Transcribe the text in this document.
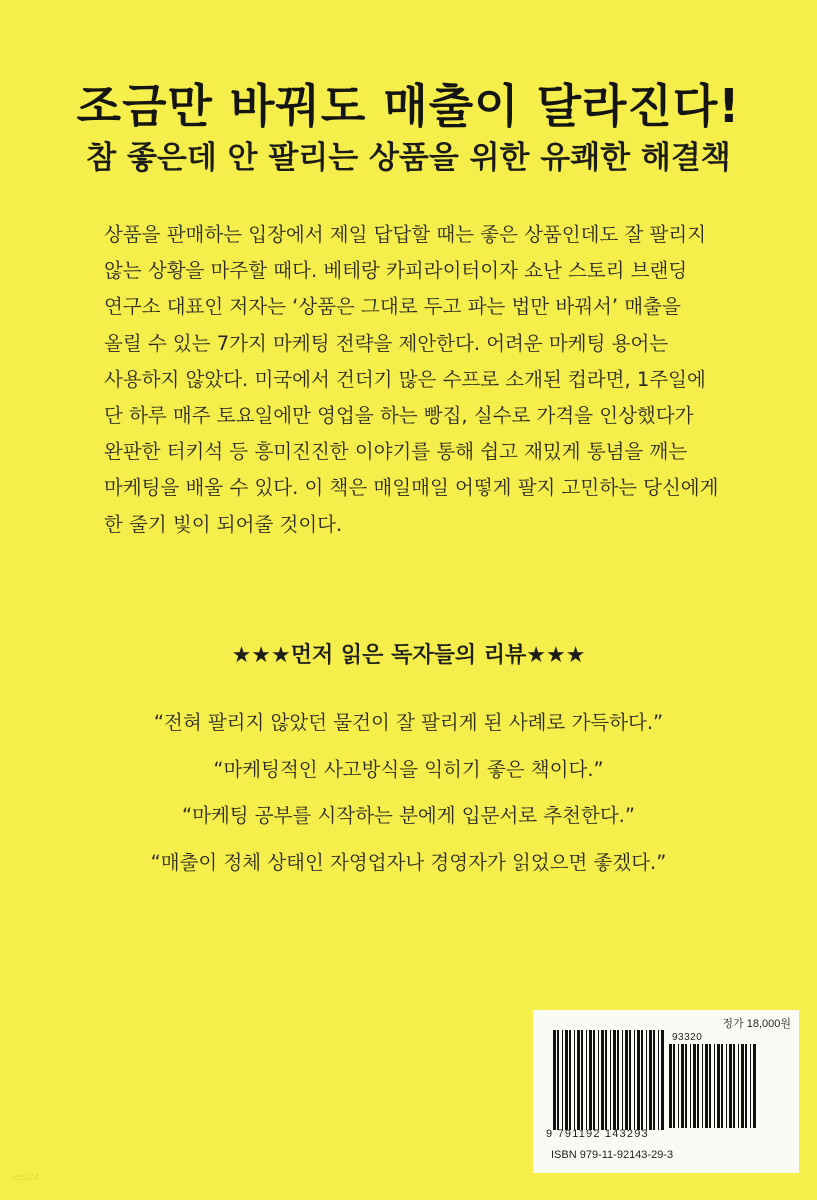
조금만 바꿔도 매출이 달라진다!
참 좋은데 안 팔리는 상품을 위한 유쾌한 해결책
상품을 판매하는 입장에서 제일 답답할 때는 좋은 상품인데도 잘 팔리지
않는 상황을 마주할 때다. 베테랑 카피라이터이자 쇼난 스토리 브랜딩
연구소 대표인 저자는 ‘상품은 그대로 두고 파는 법만 바꿔서’ 매출을
올릴 수 있는 7가지 마케팅 전략을 제안한다. 어려운 마케팅 용어는
사용하지 않았다. 미국에서 건더기 많은 수프로 소개된 컵라면, 1주일에
단 하루 매주 토요일에만 영업을 하는 빵집, 실수로 가격을 인상했다가
완판한 터키석 등 흥미진진한 이야기를 통해 쉽고 재밌게 통념을 깨는
마케팅을 배울 수 있다. 이 책은 매일매일 어떻게 팔지 고민하는 당신에게
한 줄기 빛이 되어줄 것이다.
★★★먼저 읽은 독자들의 리뷰★★★
“전혀 팔리지 않았던 물건이 잘 팔리게 된 사례로 가득하다.”
“마케팅적인 사고방식을 익히기 좋은 책이다.”
“마케팅 공부를 시작하는 분에게 입문서로 추천한다.”
“매출이 정체 상태인 자영업자나 경영자가 읽었으면 좋겠다.”
정가 18,000원
93320
9 791192 143293
ISBN 979-11-92143-29-3
yes24
